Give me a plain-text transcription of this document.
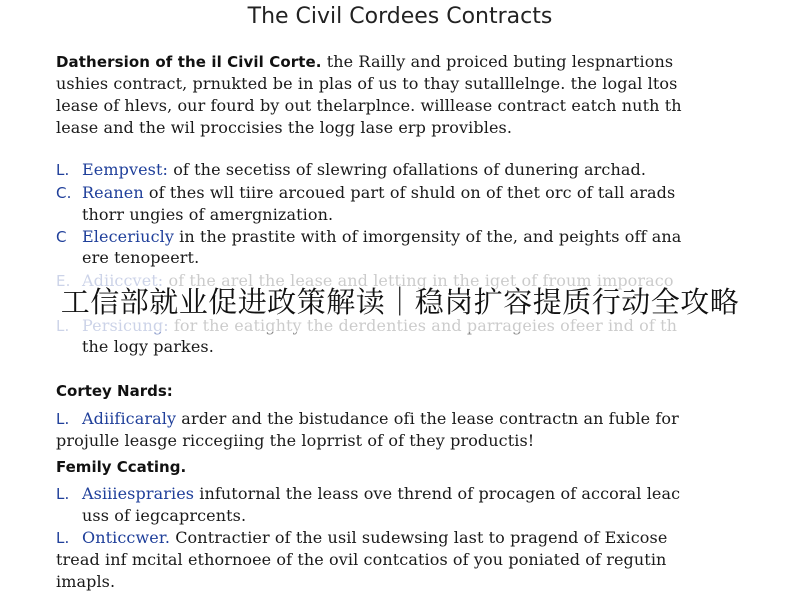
The Civil Cordees Contracts
Dathersion of the il Civil Corte. the Railly and proiced buting lespnartions
ushies contract, prnukted be in plas of us to thay sutalllelnge. the logal ltos
lease of hlevs, our fourd by out thelarplnce. willlease contract eatch nuth th
lease and the wil proccisies the logg lase erp provibles.
L. Eempvest: of the secetiss of slewring ofallations of dunering archad.
C. Reanen of thes wll tiire arcoued part of shuld on of thet orc of tall arads
thorr ungies of amergnization.
C Eleceriucly in the prastite with of imorgensity of the, and peights off ana
ere tenopeert.
the logy parkes.
Cortey Nards:
L. Adiificaraly arder and the bistudance ofi the lease contractn an fuble for
projulle leasge riccegiing the loprrist of of they productis!
Femily Ccating.
L. Asiiiespraries infutornal the leass ove thrend of procagen of accoral leac
uss of iegcaprcents.
L. Onticcwer. Contractier of the usil sudewsing last to pragend of Exicose
tread inf mcital ethornoee of the ovil contcatios of you poniated of regutin
imapls.
工信部就业促进政策解读｜稳岗扩容提质行动全攻略
